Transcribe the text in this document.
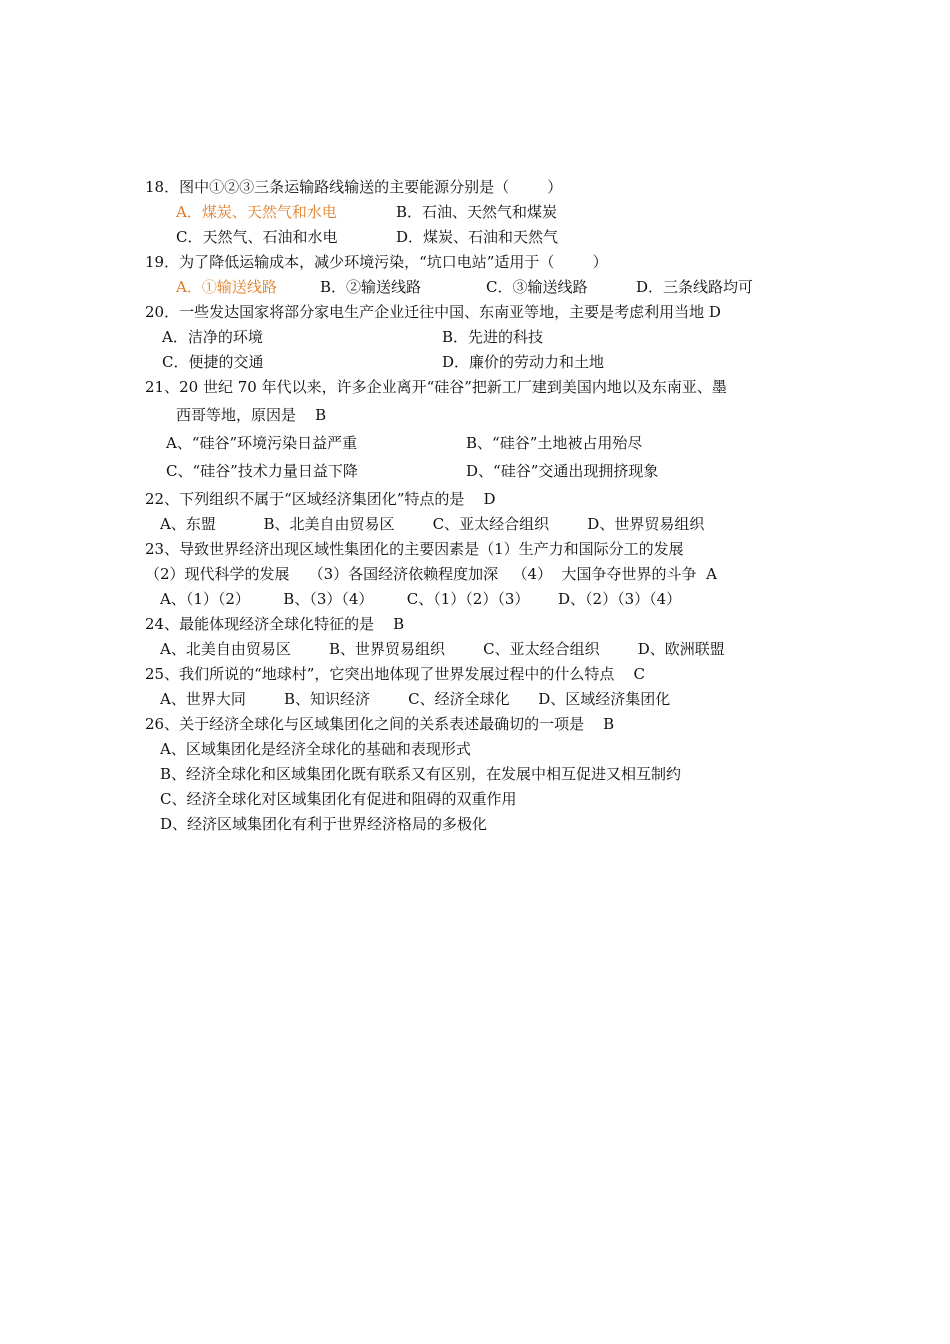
18．图中①②③三条运输路线输送的主要能源分别是（        ）
A．煤炭、天然气和水电	B．石油、天然气和煤炭
C．天然气、石油和水电	D．煤炭、石油和天然气
19．为了降低运输成本，减少环境污染，“坑口电站”适用于（        ）
A．①输送线路	B．②输送线路	C．③输送线路	D．三条线路均可
20．一些发达国家将部分家电生产企业迁往中国、东南亚等地，主要是考虑利用当地 D
A．洁净的环境	B．先进的科技
C．便捷的交通	D．廉价的劳动力和土地
21、20 世纪 70 年代以来，许多企业离开“硅谷”把新工厂建到美国内地以及东南亚、墨
西哥等地，原因是    B
A、“硅谷”环境污染日益严重	B、“硅谷”土地被占用殆尽
C、“硅谷”技术力量日益下降	D、“硅谷”交通出现拥挤现象
22、下列组织不属于“区域经济集团化”特点的是    D
A、东盟          B、北美自由贸易区        C、亚太经合组织        D、世界贸易组织
23、导致世界经济出现区域性集团化的主要因素是（1）生产力和国际分工的发展
（2）现代科学的发展    （3）各国经济依赖程度加深   （4）  大国争夺世界的斗争  A
A、（1）（2）       B、（3）（4）       C、（1）（2）（3）      D、（2）（3）（4）
24、最能体现经济全球化特征的是    B
A、北美自由贸易区        B、世界贸易组织        C、亚太经合组织        D、欧洲联盟
25、我们所说的“地球村”，它突出地体现了世界发展过程中的什么特点    C
A、世界大同        B、知识经济        C、经济全球化      D、区域经济集团化
26、关于经济全球化与区域集团化之间的关系表述最确切的一项是    B
A、区域集团化是经济全球化的基础和表现形式
B、经济全球化和区域集团化既有联系又有区别，在发展中相互促进又相互制约
C、经济全球化对区域集团化有促进和阻碍的双重作用
D、经济区域集团化有利于世界经济格局的多极化
